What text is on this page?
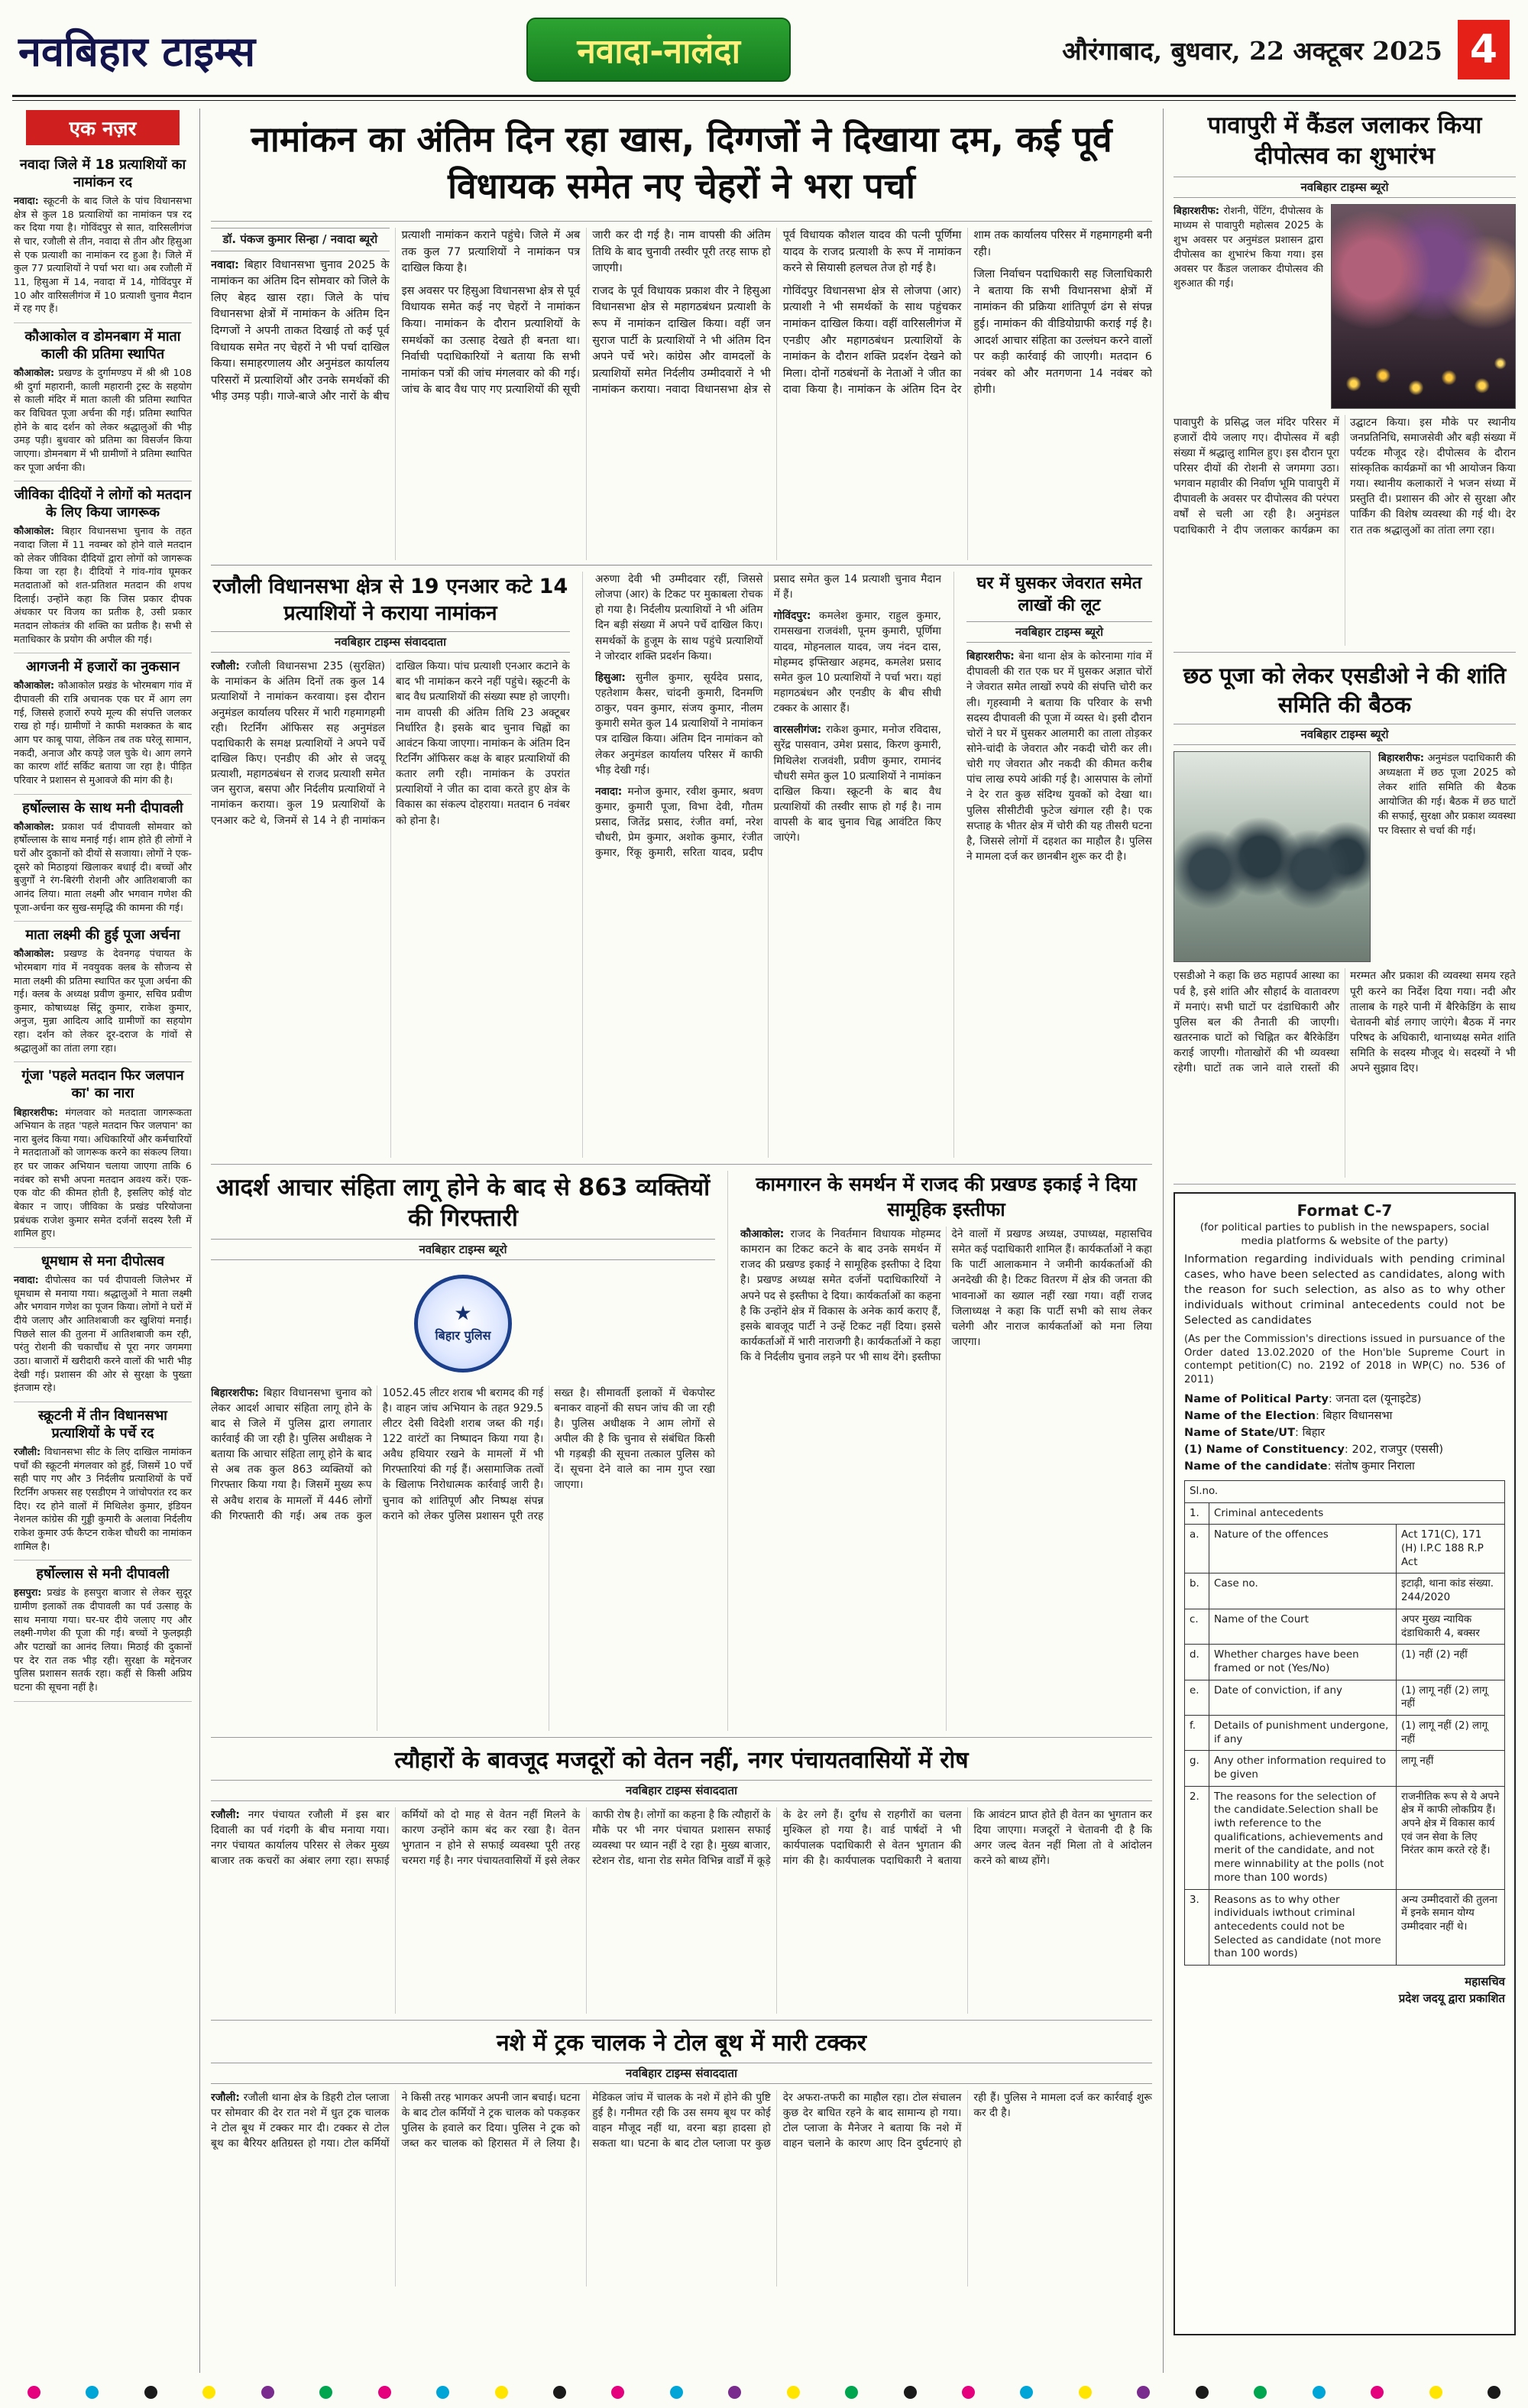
नवबिहार टाइम्स	नवादा-नालंदा	औरंगाबाद, बुधवार, 22 अक्टूबर 2025 4
एक नज़र
नवादा जिले में 18 प्रत्याशियों का नामांकन रद

नवादा: स्क्रूटनी के बाद जिले के पांच विधानसभा क्षेत्र से कुल 18 प्रत्याशियों का नामांकन पत्र रद कर दिया गया है। गोविंदपुर से सात, वारिसलीगंज से चार, रजौली से तीन, नवादा से तीन और हिसुआ से एक प्रत्याशी का नामांकन रद हुआ है। जिले में कुल 77 प्रत्याशियों ने पर्चा भरा था। अब रजौली में 11, हिसुआ में 14, नवादा में 14, गोविंदपुर में 10 और वारिसलीगंज में 10 प्रत्याशी चुनाव मैदान में रह गए हैं।

कौआकोल व डोमनबाग में माता काली की प्रतिमा स्थापित

कौआकोल: प्रखण्ड के दुर्गामण्डप में श्री श्री 108 श्री दुर्गा महारानी, काली महारानी ट्रस्ट के सहयोग से काली मंदिर में माता काली की प्रतिमा स्थापित कर विधिवत पूजा अर्चना की गई। प्रतिमा स्थापित होने के बाद दर्शन को लेकर श्रद्धालुओं की भीड़ उमड़ पड़ी। बुधवार को प्रतिमा का विसर्जन किया जाएगा। डोमनबाग में भी ग्रामीणों ने प्रतिमा स्थापित कर पूजा अर्चना की।

जीविका दीदियों ने लोगों को मतदान के लिए किया जागरूक

कौआकोल: बिहार विधानसभा चुनाव के तहत नवादा जिला में 11 नवम्बर को होने वाले मतदान को लेकर जीविका दीदियों द्वारा लोगों को जागरूक किया जा रहा है। दीदियों ने गांव-गांव घूमकर मतदाताओं को शत-प्रतिशत मतदान की शपथ दिलाई। उन्होंने कहा कि जिस प्रकार दीपक अंधकार पर विजय का प्रतीक है, उसी प्रकार मतदान लोकतंत्र की शक्ति का प्रतीक है। सभी से मताधिकार के प्रयोग की अपील की गई।

आगजनी में हजारों का नुकसान

कौआकोल: कौआकोल प्रखंड के भोरमबाग गांव में दीपावली की रात्रि अचानक एक घर में आग लग गई, जिससे हजारों रुपये मूल्य की संपत्ति जलकर राख हो गई। ग्रामीणों ने काफी मशक्कत के बाद आग पर काबू पाया, लेकिन तब तक घरेलू सामान, नकदी, अनाज और कपड़े जल चुके थे। आग लगने का कारण शॉर्ट सर्किट बताया जा रहा है। पीड़ित परिवार ने प्रशासन से मुआवजे की मांग की है।

हर्षोल्लास के साथ मनी दीपावली

कौआकोल: प्रकाश पर्व दीपावली सोमवार को हर्षोल्लास के साथ मनाई गई। शाम होते ही लोगों ने घरों और दुकानों को दीयों से सजाया। लोगों ने एक-दूसरे को मिठाइयां खिलाकर बधाई दी। बच्चों और बुजुर्गों ने रंग-बिरंगी रोशनी और आतिशबाजी का आनंद लिया। माता लक्ष्मी और भगवान गणेश की पूजा-अर्चना कर सुख-समृद्धि की कामना की गई।

माता लक्ष्मी की हुई पूजा अर्चना

कौआकोल: प्रखण्ड के देवनगढ़ पंचायत के भोरमबाग गांव में नवयुवक क्लब के सौजन्य से माता लक्ष्मी की प्रतिमा स्थापित कर पूजा अर्चना की गई। क्लब के अध्यक्ष प्रवीण कुमार, सचिव प्रवीण कुमार, कोषाध्यक्ष सिंटू कुमार, राकेश कुमार, अनुज, मुन्ना आदित्य आदि ग्रामीणों का सहयोग रहा। दर्शन को लेकर दूर-दराज के गांवों से श्रद्धालुओं का तांता लगा रहा।

गूंजा 'पहले मतदान फिर जलपान का' का नारा

बिहारशरीफ: मंगलवार को मतदाता जागरूकता अभियान के तहत 'पहले मतदान फिर जलपान' का नारा बुलंद किया गया। अधिकारियों और कर्मचारियों ने मतदाताओं को जागरूक करने का संकल्प लिया। हर घर जाकर अभियान चलाया जाएगा ताकि 6 नवंबर को सभी अपना मतदान अवश्य करें। एक-एक वोट की कीमत होती है, इसलिए कोई वोट बेकार न जाए। जीविका के प्रखंड परियोजना प्रबंधक राजेश कुमार समेत दर्जनों सदस्य रैली में शामिल हुए।

धूमधाम से मना दीपोत्सव

नवादा: दीपोत्सव का पर्व दीपावली जिलेभर में धूमधाम से मनाया गया। श्रद्धालुओं ने माता लक्ष्मी और भगवान गणेश का पूजन किया। लोगों ने घरों में दीये जलाए और आतिशबाजी कर खुशियां मनाईं। पिछले साल की तुलना में आतिशबाजी कम रही, परंतु रोशनी की चकाचौंध से पूरा नगर जगमगा उठा। बाजारों में खरीदारी करने वालों की भारी भीड़ देखी गई। प्रशासन की ओर से सुरक्षा के पुख्ता इंतजाम रहे।

स्क्रूटनी में तीन विधानसभा प्रत्याशियों के पर्चे रद

रजौली: विधानसभा सीट के लिए दाखिल नामांकन पर्चों की स्क्रूटनी मंगलवार को हुई, जिसमें 10 पर्चे सही पाए गए और 3 निर्दलीय प्रत्याशियों के पर्चे रिटर्निंग अफसर सह एसडीएम ने जांचोपरांत रद कर दिए। रद होने वालों में मिथिलेश कुमार, इंडियन नेशनल कांग्रेस की गुड्डी कुमारी के अलावा निर्दलीय राकेश कुमार उर्फ कैप्टन राकेश चौधरी का नामांकन शामिल है।

हर्षोल्लास से मनी दीपावली

हसपुरा: प्रखंड के हसपुरा बाजार से लेकर सुदूर ग्रामीण इलाकों तक दीपावली का पर्व उत्साह के साथ मनाया गया। घर-घर दीये जलाए गए और लक्ष्मी-गणेश की पूजा की गई। बच्चों ने फुलझड़ी और पटाखों का आनंद लिया। मिठाई की दुकानों पर देर रात तक भीड़ रही। सुरक्षा के मद्देनजर पुलिस प्रशासन सतर्क रहा। कहीं से किसी अप्रिय घटना की सूचना नहीं है।

नामांकन का अंतिम दिन रहा खास, दिग्गजों ने दिखाया दम, कई पूर्व विधायक समेत नए चेहरों ने भरा पर्चा
डॉ. पंकज कुमार सिन्हा / नवादा ब्यूरो

नवादा: बिहार विधानसभा चुनाव 2025 के नामांकन का अंतिम दिन सोमवार को जिले के लिए बेहद खास रहा। जिले के पांच विधानसभा क्षेत्रों में नामांकन के अंतिम दिन दिग्गजों ने अपनी ताकत दिखाई तो कई पूर्व विधायक समेत नए चेहरों ने भी पर्चा दाखिल किया। समाहरणालय और अनुमंडल कार्यालय परिसरों में प्रत्याशियों और उनके समर्थकों की भीड़ उमड़ पड़ी। गाजे-बाजे और नारों के बीच प्रत्याशी नामांकन कराने पहुंचे। जिले में अब तक कुल 77 प्रत्याशियों ने नामांकन पत्र दाखिल किया है।

इस अवसर पर हिसुआ विधानसभा क्षेत्र से पूर्व विधायक समेत कई नए चेहरों ने नामांकन किया। नामांकन के दौरान प्रत्याशियों के समर्थकों का उत्साह देखते ही बनता था। निर्वाची पदाधिकारियों ने बताया कि सभी नामांकन पत्रों की जांच मंगलवार को की गई। जांच के बाद वैध पाए गए प्रत्याशियों की सूची जारी कर दी गई है। नाम वापसी की अंतिम तिथि के बाद चुनावी तस्वीर पूरी तरह साफ हो जाएगी।

राजद के पूर्व विधायक प्रकाश वीर ने हिसुआ विधानसभा क्षेत्र से महागठबंधन प्रत्याशी के रूप में नामांकन दाखिल किया। वहीं जन सुराज पार्टी के प्रत्याशियों ने भी अंतिम दिन अपने पर्चे भरे। कांग्रेस और वामदलों के प्रत्याशियों समेत निर्दलीय उम्मीदवारों ने भी नामांकन कराया। नवादा विधानसभा क्षेत्र से पूर्व विधायक कौशल यादव की पत्नी पूर्णिमा यादव के राजद प्रत्याशी के रूप में नामांकन करने से सियासी हलचल तेज हो गई है।

गोविंदपुर विधानसभा क्षेत्र से लोजपा (आर) प्रत्याशी ने भी समर्थकों के साथ पहुंचकर नामांकन दाखिल किया। वहीं वारिसलीगंज में एनडीए और महागठबंधन प्रत्याशियों के नामांकन के दौरान शक्ति प्रदर्शन देखने को मिला। दोनों गठबंधनों के नेताओं ने जीत का दावा किया है। नामांकन के अंतिम दिन देर शाम तक कार्यालय परिसर में गहमागहमी बनी रही।

जिला निर्वाचन पदाधिकारी सह जिलाधिकारी ने बताया कि सभी विधानसभा क्षेत्रों में नामांकन की प्रक्रिया शांतिपूर्ण ढंग से संपन्न हुई। नामांकन की वीडियोग्राफी कराई गई है। आदर्श आचार संहिता का उल्लंघन करने वालों पर कड़ी कार्रवाई की जाएगी। मतदान 6 नवंबर को और मतगणना 14 नवंबर को होगी।

रजौली विधानसभा क्षेत्र से 19 एनआर कटे 14 प्रत्याशियों ने कराया नामांकन
नवबिहार टाइम्स संवाददाता

रजौली: रजौली विधानसभा 235 (सुरक्षित) के नामांकन के अंतिम दिनों तक कुल 14 प्रत्याशियों ने नामांकन करवाया। इस दौरान अनुमंडल कार्यालय परिसर में भारी गहमागहमी रही। रिटर्निंग ऑफिसर सह अनुमंडल पदाधिकारी के समक्ष प्रत्याशियों ने अपने पर्चे दाखिल किए। एनडीए की ओर से जदयू प्रत्याशी, महागठबंधन से राजद प्रत्याशी समेत जन सुराज, बसपा और निर्दलीय प्रत्याशियों ने नामांकन कराया। कुल 19 प्रत्याशियों के एनआर कटे थे, जिनमें से 14 ने ही नामांकन दाखिल किया। पांच प्रत्याशी एनआर कटाने के बाद भी नामांकन करने नहीं पहुंचे। स्क्रूटनी के बाद वैध प्रत्याशियों की संख्या स्पष्ट हो जाएगी। नाम वापसी की अंतिम तिथि 23 अक्टूबर निर्धारित है। इसके बाद चुनाव चिह्नों का आवंटन किया जाएगा। नामांकन के अंतिम दिन रिटर्निंग ऑफिसर कक्ष के बाहर प्रत्याशियों की कतार लगी रही। नामांकन के उपरांत प्रत्याशियों ने जीत का दावा करते हुए क्षेत्र के विकास का संकल्प दोहराया। मतदान 6 नवंबर को होना है।

अरुणा देवी भी उम्मीदवार रहीं, जिससे लोजपा (आर) के टिकट पर मुकाबला रोचक हो गया है। निर्दलीय प्रत्याशियों ने भी अंतिम दिन बड़ी संख्या में अपने पर्चे दाखिल किए। समर्थकों के हुजूम के साथ पहुंचे प्रत्याशियों ने जोरदार शक्ति प्रदर्शन किया।

हिसुआ: सुनील कुमार, सूर्यदेव प्रसाद, एहतेशाम कैसर, चांदनी कुमारी, दिनमणि ठाकुर, पवन कुमार, संजय कुमार, नीलम कुमारी समेत कुल 14 प्रत्याशियों ने नामांकन पत्र दाखिल किया। अंतिम दिन नामांकन को लेकर अनुमंडल कार्यालय परिसर में काफी भीड़ देखी गई।

नवादा: मनोज कुमार, रवीश कुमार, श्रवण कुमार, कुमारी पूजा, विभा देवी, गौतम प्रसाद, जितेंद्र प्रसाद, रंजीत वर्मा, नरेश चौधरी, प्रेम कुमार, अशोक कुमार, रंजीत कुमार, रिंकू कुमारी, सरिता यादव, प्रदीप प्रसाद समेत कुल 14 प्रत्याशी चुनाव मैदान में हैं।

गोविंदपुर: कमलेश कुमार, राहुल कुमार, रामसखना राजवंशी, पूनम कुमारी, पूर्णिमा यादव, मोहनलाल यादव, जय नंदन दास, मोहम्मद इफ्तिखार अहमद, कमलेश प्रसाद समेत कुल 10 प्रत्याशियों ने पर्चा भरा। यहां महागठबंधन और एनडीए के बीच सीधी टक्कर के आसार हैं।

वारसलीगंज: राकेश कुमार, मनोज रविदास, सुरेंद्र पासवान, उमेश प्रसाद, किरण कुमारी, मिथिलेश राजवंशी, प्रवीण कुमार, रामानंद चौधरी समेत कुल 10 प्रत्याशियों ने नामांकन दाखिल किया। स्क्रूटनी के बाद वैध प्रत्याशियों की तस्वीर साफ हो गई है। नाम वापसी के बाद चुनाव चिह्न आवंटित किए जाएंगे।

घर में घुसकर जेवरात समेत लाखों की लूट
नवबिहार टाइम्स ब्यूरो

बिहारशरीफ: बेना थाना क्षेत्र के कोरनामा गांव में दीपावली की रात एक घर में घुसकर अज्ञात चोरों ने जेवरात समेत लाखों रुपये की संपत्ति चोरी कर ली। गृहस्वामी ने बताया कि परिवार के सभी सदस्य दीपावली की पूजा में व्यस्त थे। इसी दौरान चोरों ने घर में घुसकर आलमारी का ताला तोड़कर सोने-चांदी के जेवरात और नकदी चोरी कर ली। चोरी गए जेवरात और नकदी की कीमत करीब पांच लाख रुपये आंकी गई है। आसपास के लोगों ने देर रात कुछ संदिग्ध युवकों को देखा था। पुलिस सीसीटीवी फुटेज खंगाल रही है। एक सप्ताह के भीतर क्षेत्र में चोरी की यह तीसरी घटना है, जिससे लोगों में दहशत का माहौल है। पुलिस ने मामला दर्ज कर छानबीन शुरू कर दी है।

आदर्श आचार संहिता लागू होने के बाद से 863 व्यक्तियों की गिरफ्तारी
नवबिहार टाइम्स ब्यूरो
★
बिहार पुलिस

बिहारशरीफ: बिहार विधानसभा चुनाव को लेकर आदर्श आचार संहिता लागू होने के बाद से जिले में पुलिस द्वारा लगातार कार्रवाई की जा रही है। पुलिस अधीक्षक ने बताया कि आचार संहिता लागू होने के बाद से अब तक कुल 863 व्यक्तियों को गिरफ्तार किया गया है। जिसमें मुख्य रूप से अवैध शराब के मामलों में 446 लोगों की गिरफ्तारी की गई। अब तक कुल 1052.45 लीटर शराब भी बरामद की गई है। वाहन जांच अभियान के तहत 929.5 लीटर देसी विदेशी शराब जब्त की गई। 122 वारंटों का निष्पादन किया गया है। अवैध हथियार रखने के मामलों में भी गिरफ्तारियां की गई हैं। असामाजिक तत्वों के खिलाफ निरोधात्मक कार्रवाई जारी है। चुनाव को शांतिपूर्ण और निष्पक्ष संपन्न कराने को लेकर पुलिस प्रशासन पूरी तरह सख्त है। सीमावर्ती इलाकों में चेकपोस्ट बनाकर वाहनों की सघन जांच की जा रही है। पुलिस अधीक्षक ने आम लोगों से अपील की है कि चुनाव से संबंधित किसी भी गड़बड़ी की सूचना तत्काल पुलिस को दें। सूचना देने वाले का नाम गुप्त रखा जाएगा।

कामगारन के समर्थन में राजद की प्रखण्ड इकाई ने दिया सामूहिक इस्तीफा

कौआकोल: राजद के निवर्तमान विधायक मोहम्मद कामरान का टिकट कटने के बाद उनके समर्थन में राजद की प्रखण्ड इकाई ने सामूहिक इस्तीफा दे दिया है। प्रखण्ड अध्यक्ष समेत दर्जनों पदाधिकारियों ने अपने पद से इस्तीफा दे दिया। कार्यकर्ताओं का कहना है कि उन्होंने क्षेत्र में विकास के अनेक कार्य कराए हैं, इसके बावजूद पार्टी ने उन्हें टिकट नहीं दिया। इससे कार्यकर्ताओं में भारी नाराजगी है। कार्यकर्ताओं ने कहा कि वे निर्दलीय चुनाव लड़ने पर भी साथ देंगे। इस्तीफा देने वालों में प्रखण्ड अध्यक्ष, उपाध्यक्ष, महासचिव समेत कई पदाधिकारी शामिल हैं। कार्यकर्ताओं ने कहा कि पार्टी आलाकमान ने जमीनी कार्यकर्ताओं की अनदेखी की है। टिकट वितरण में क्षेत्र की जनता की भावनाओं का ख्याल नहीं रखा गया। वहीं राजद जिलाध्यक्ष ने कहा कि पार्टी सभी को साथ लेकर चलेगी और नाराज कार्यकर्ताओं को मना लिया जाएगा।

त्यौहारों के बावजूद मजदूरों को वेतन नहीं, नगर पंचायतवासियों में रोष
नवबिहार टाइम्स संवाददाता

रजौली: नगर पंचायत रजौली में इस बार दिवाली का पर्व गंदगी के बीच मनाया गया। नगर पंचायत कार्यालय परिसर से लेकर मुख्य बाजार तक कचरों का अंबार लगा रहा। सफाई कर्मियों को दो माह से वेतन नहीं मिलने के कारण उन्होंने काम बंद कर रखा है। वेतन भुगतान न होने से सफाई व्यवस्था पूरी तरह चरमरा गई है। नगर पंचायतवासियों में इसे लेकर काफी रोष है। लोगों का कहना है कि त्यौहारों के मौके पर भी नगर पंचायत प्रशासन सफाई व्यवस्था पर ध्यान नहीं दे रहा है। मुख्य बाजार, स्टेशन रोड, थाना रोड समेत विभिन्न वार्डों में कूड़े के ढेर लगे हैं। दुर्गंध से राहगीरों का चलना मुश्किल हो गया है। वार्ड पार्षदों ने भी कार्यपालक पदाधिकारी से वेतन भुगतान की मांग की है। कार्यपालक पदाधिकारी ने बताया कि आवंटन प्राप्त होते ही वेतन का भुगतान कर दिया जाएगा। मजदूरों ने चेतावनी दी है कि अगर जल्द वेतन नहीं मिला तो वे आंदोलन करने को बाध्य होंगे।

नशे में ट्रक चालक ने टोल बूथ में मारी टक्कर
नवबिहार टाइम्स संवाददाता

रजौली: रजौली थाना क्षेत्र के डिहरी टोल प्लाजा पर सोमवार की देर रात नशे में धुत ट्रक चालक ने टोल बूथ में टक्कर मार दी। टक्कर से टोल बूथ का बैरियर क्षतिग्रस्त हो गया। टोल कर्मियों ने किसी तरह भागकर अपनी जान बचाई। घटना के बाद टोल कर्मियों ने ट्रक चालक को पकड़कर पुलिस के हवाले कर दिया। पुलिस ने ट्रक को जब्त कर चालक को हिरासत में ले लिया है। मेडिकल जांच में चालक के नशे में होने की पुष्टि हुई है। गनीमत रही कि उस समय बूथ पर कोई वाहन मौजूद नहीं था, वरना बड़ा हादसा हो सकता था। घटना के बाद टोल प्लाजा पर कुछ देर अफरा-तफरी का माहौल रहा। टोल संचालन कुछ देर बाधित रहने के बाद सामान्य हो गया। टोल प्लाजा के मैनेजर ने बताया कि नशे में वाहन चलाने के कारण आए दिन दुर्घटनाएं हो रही हैं। पुलिस ने मामला दर्ज कर कार्रवाई शुरू कर दी है।

पावापुरी में कैंडल जलाकर किया दीपोत्सव का शुभारंभ
नवबिहार टाइम्स ब्यूरो

बिहारशरीफ: रोशनी, पेंटिंग, दीपोत्सव के माध्यम से पावापुरी महोत्सव 2025 के शुभ अवसर पर अनुमंडल प्रशासन द्वारा दीपोत्सव का शुभारंभ किया गया। इस अवसर पर कैंडल जलाकर दीपोत्सव की शुरुआत की गई।

पावापुरी के प्रसिद्ध जल मंदिर परिसर में हजारों दीये जलाए गए। दीपोत्सव में बड़ी संख्या में श्रद्धालु शामिल हुए। इस दौरान पूरा परिसर दीयों की रोशनी से जगमगा उठा। भगवान महावीर की निर्वाण भूमि पावापुरी में दीपावली के अवसर पर दीपोत्सव की परंपरा वर्षों से चली आ रही है। अनुमंडल पदाधिकारी ने दीप जलाकर कार्यक्रम का उद्घाटन किया। इस मौके पर स्थानीय जनप्रतिनिधि, समाजसेवी और बड़ी संख्या में पर्यटक मौजूद रहे। दीपोत्सव के दौरान सांस्कृतिक कार्यक्रमों का भी आयोजन किया गया। स्थानीय कलाकारों ने भजन संध्या में प्रस्तुति दी। प्रशासन की ओर से सुरक्षा और पार्किंग की विशेष व्यवस्था की गई थी। देर रात तक श्रद्धालुओं का तांता लगा रहा।

छठ पूजा को लेकर एसडीओ ने की शांति समिति की बैठक
नवबिहार टाइम्स ब्यूरो

बिहारशरीफ: अनुमंडल पदाधिकारी की अध्यक्षता में छठ पूजा 2025 को लेकर शांति समिति की बैठक आयोजित की गई। बैठक में छठ घाटों की सफाई, सुरक्षा और प्रकाश व्यवस्था पर विस्तार से चर्चा की गई।

एसडीओ ने कहा कि छठ महापर्व आस्था का पर्व है, इसे शांति और सौहार्द के वातावरण में मनाएं। सभी घाटों पर दंडाधिकारी और पुलिस बल की तैनाती की जाएगी। खतरनाक घाटों को चिह्नित कर बैरिकेडिंग कराई जाएगी। गोताखोरों की भी व्यवस्था रहेगी। घाटों तक जाने वाले रास्तों की मरम्मत और प्रकाश की व्यवस्था समय रहते पूरी करने का निर्देश दिया गया। नदी और तालाब के गहरे पानी में बैरिकेडिंग के साथ चेतावनी बोर्ड लगाए जाएंगे। बैठक में नगर परिषद के अधिकारी, थानाध्यक्ष समेत शांति समिति के सदस्य मौजूद थे। सदस्यों ने भी अपने सुझाव दिए।

Format C-7
(for political parties to publish in the newspapers, social media platforms & website of the party)
Information regarding individuals with pending criminal cases, who have been selected as candidates, along with the reason for such selection, as also as to why other individuals without criminal antecedents could not be Selected as candidates
(As per the Commission's directions issued in pursuance of the Order dated 13.02.2020 of the Hon'ble Supreme Court in contempt petition(C) no. 2192 of 2018 in WP(C) no. 536 of 2011)
Name of Political Party: जनता दल (यूनाइटेड)
Name of the Election: बिहार विधानसभा
Name of State/UT: बिहार
(1) Name of Constituency: 202, राजपुर (एससी)
Name of the candidate: संतोष कुमार निराला
Sl.no.		
1.	Criminal antecedents	
a.	Nature of the offences	Act 171(C), 171 (H) I.P.C 188 R.P Act
b.	Case no.	इटाढ़ी, थाना कांड संख्या. 244/2020
c.	Name of the Court	अपर मुख्य न्यायिक दंडाधिकारी 4, बक्सर
d.	Whether charges have been framed or not (Yes/No)	(1) नहीं (2) नहीं
e.	Date of conviction, if any	(1) लागू नहीं (2) लागू नहीं
f.	Details of punishment undergone, if any	(1) लागू नहीं (2) लागू नहीं
g.	Any other information required to be given	लागू नहीं
2.	The reasons for the selection of the candidate.Selection shall be iwth reference to the qualifications, achievements and merit of the candidate, and not mere winnability at the polls (not more than 100 words)	राजनीतिक रूप से ये अपने क्षेत्र में काफी लोकप्रिय हैं। अपने क्षेत्र में विकास कार्य एवं जन सेवा के लिए निरंतर काम करते रहे हैं।
3.	Reasons as to why other individuals iwthout criminal antecedents could not be Selected as candidate (not more than 100 words)	अन्य उम्मीदवारों की तुलना में इनके समान योग्य उम्मीदवार नहीं थे।
महासचिव
प्रदेश जदयू द्वारा प्रकाशित
